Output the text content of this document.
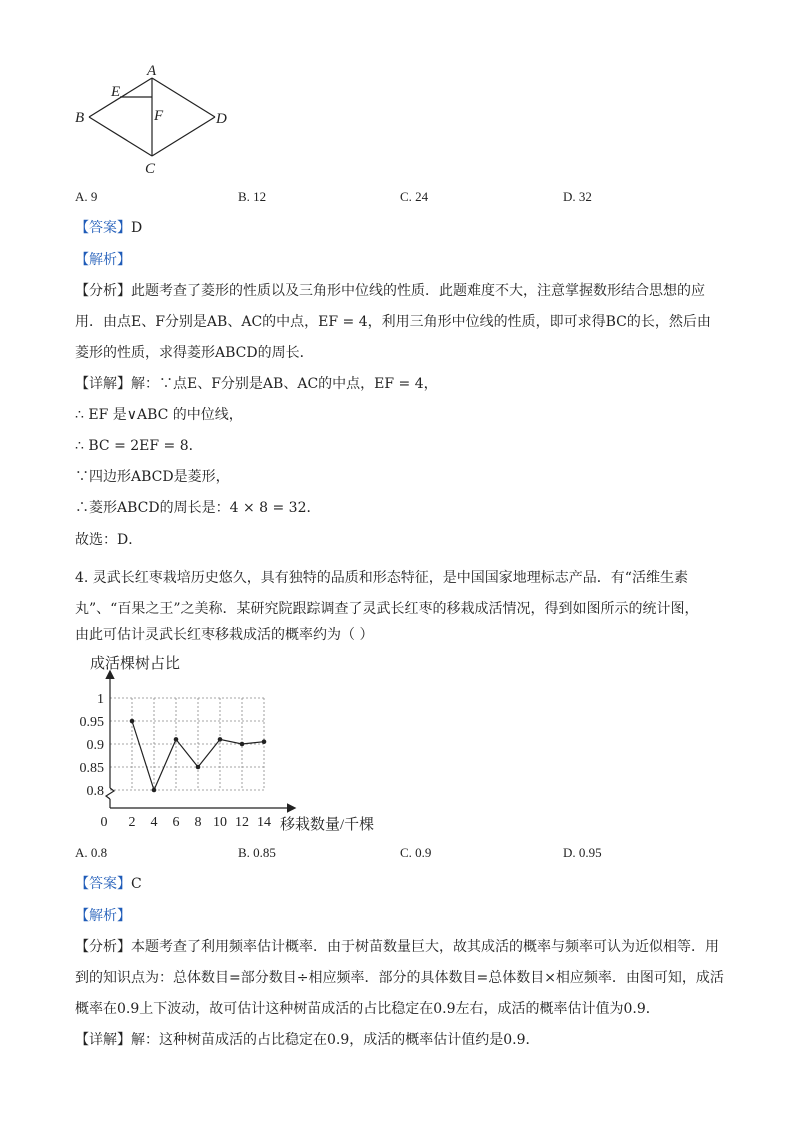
A
B
C
D
E
F
A. 9	B. 12	C. 24	D. 32
【答案】D
【解析】
【分析】此题考查了菱形的性质以及三角形中位线的性质．此题难度不大，注意掌握数形结合思想的应
用．由点E、F分别是AB、AC的中点，EF = 4，利用三角形中位线的性质，即可求得BC的长，然后由
菱形的性质，求得菱形ABCD的周长．
【详解】解：∵点E、F分别是AB、AC的中点，EF = 4，
∴ EF 是∨ABC 的中位线，
∴ BC = 2EF = 8．
∵四边形ABCD是菱形，
∴菱形ABCD的周长是：4 × 8 = 32．
故选：D．
4. 灵武长红枣栽培历史悠久，具有独特的品质和形态特征，是中国国家地理标志产品．有“活维生素
丸”、“百果之王”之美称．某研究院跟踪调查了灵武长红枣的移栽成活情况，得到如图所示的统计图，
由此可估计灵武长红枣移栽成活的概率约为（ ）
0.8
0.85
0.9
0.95
1
0 2 4 6 8 10 12 14
成活棵树占比
移栽数量/千棵
A. 0.8	B. 0.85	C. 0.9	D. 0.95
【答案】C
【解析】
【分析】本题考查了利用频率估计概率．由于树苗数量巨大，故其成活的概率与频率可认为近似相等．用
到的知识点为：总体数目=部分数目÷相应频率．部分的具体数目=总体数目×相应频率．由图可知，成活
概率在0.9上下波动，故可估计这种树苗成活的占比稳定在0.9左右，成活的概率估计值为0.9．
【详解】解：这种树苗成活的占比稳定在0.9，成活的概率估计值约是0.9．
